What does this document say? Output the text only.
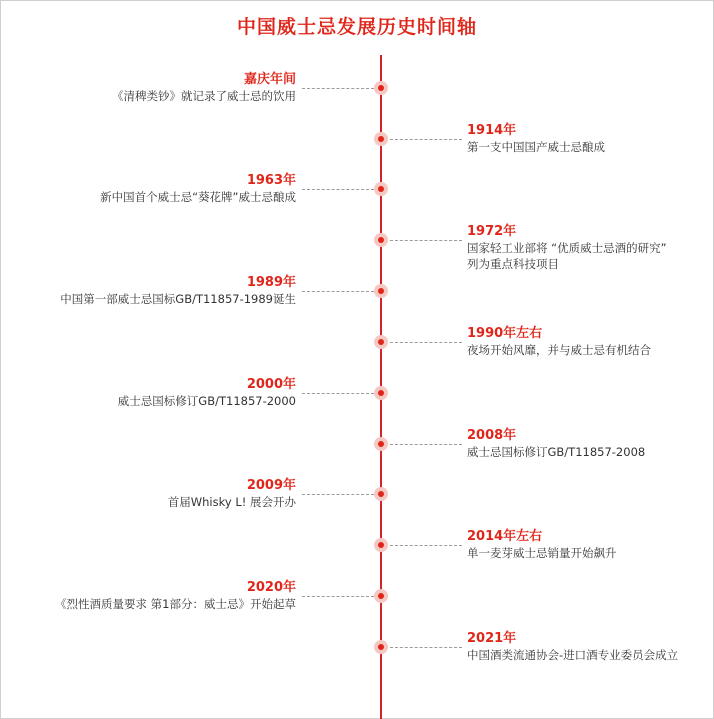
中国威士忌发展历史时间轴
嘉庆年间
《清稗类钞》就记录了威士忌的饮用
1914年
第一支中国国产威士忌酿成
1963年
新中国首个威士忌“葵花牌”威士忌酿成
1972年
国家轻工业部将 “优质威士忌酒的研究”
列为重点科技项目
1989年
中国第一部威士忌国标GB/T11857-1989诞生
1990年左右
夜场开始风靡，并与威士忌有机结合
2000年
威士忌国标修订GB/T11857-2000
2008年
威士忌国标修订GB/T11857-2008
2009年
首届Whisky L! 展会开办
2014年左右
单一麦芽威士忌销量开始飙升
2020年
《烈性酒质量要求 第1部分：威士忌》开始起草
2021年
中国酒类流通协会-进口酒专业委员会成立
